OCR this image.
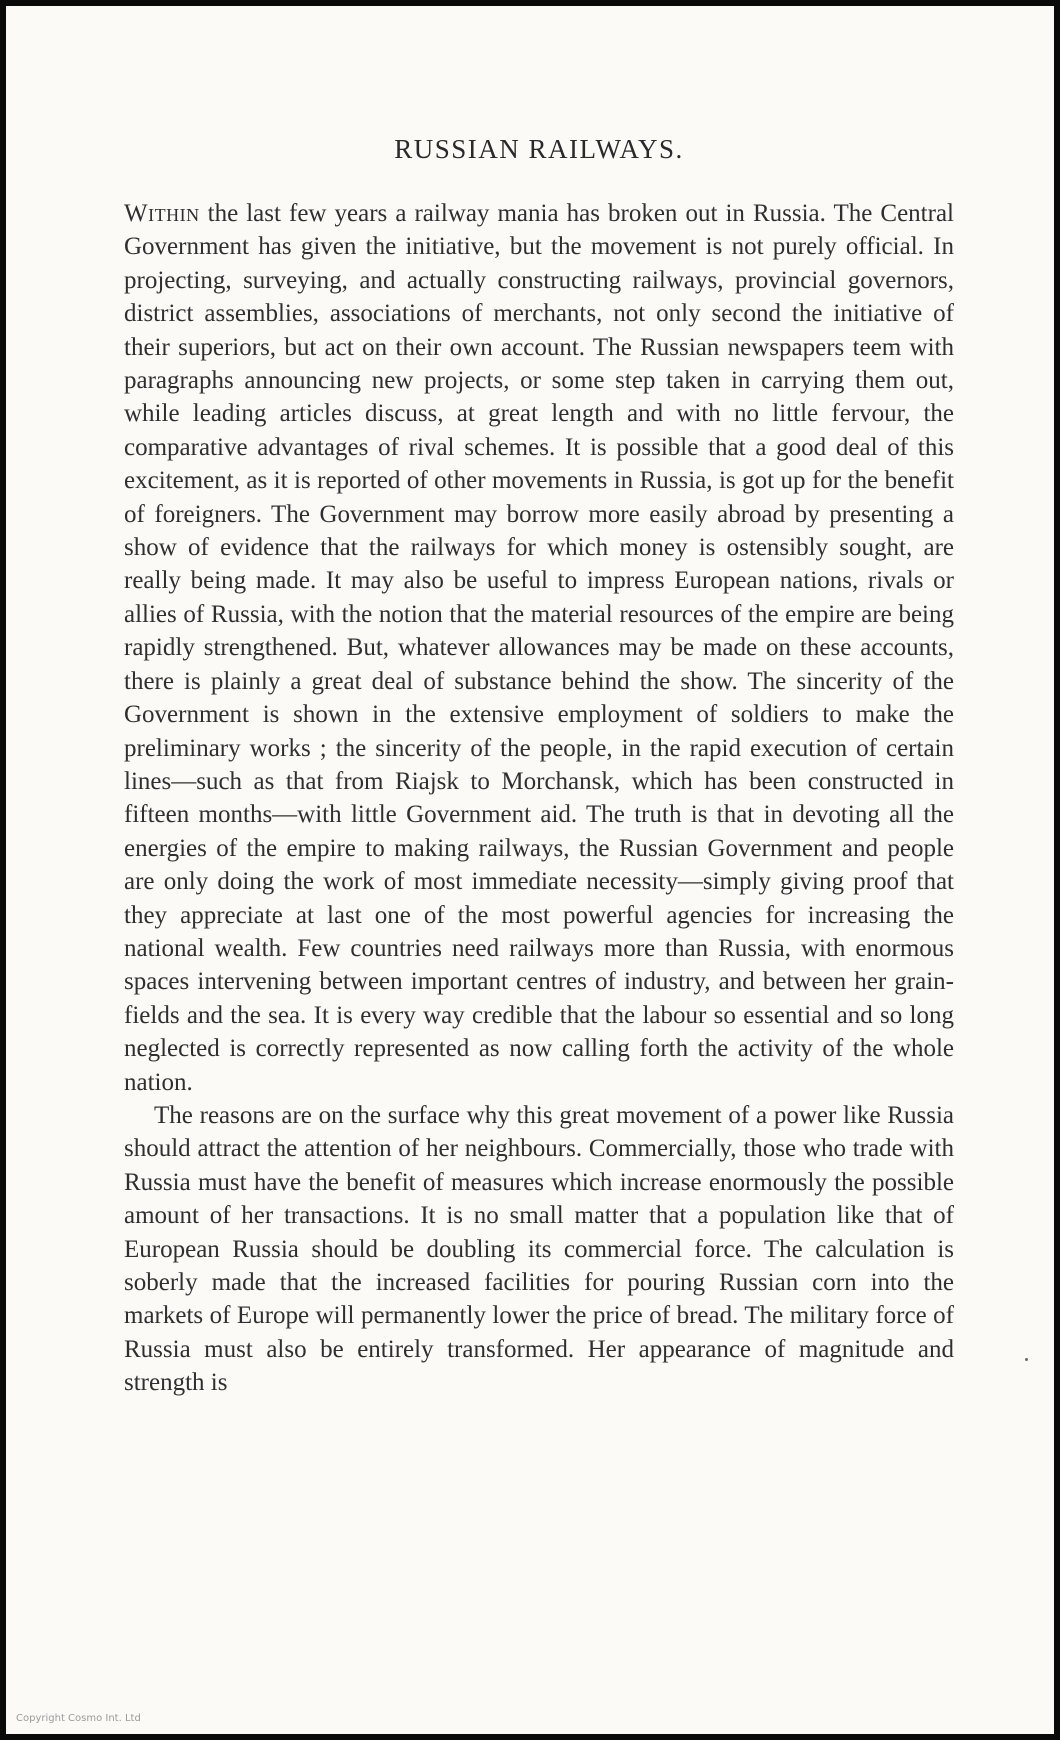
RUSSIAN RAILWAYS.

Within the last few years a railway mania has broken out in Russia. The Central Government has given the initiative, but the movement is not purely official. In projecting, surveying, and actually constructing railways, provincial governors, district assemblies, associations of merchants, not only second the initiative of their superiors, but act on their own account. The Russian newspapers teem with paragraphs announcing new projects, or some step taken in carrying them out, while leading articles discuss, at great length and with no little fervour, the comparative advantages of rival schemes. It is possible that a good deal of this excitement, as it is reported of other movements in Russia, is got up for the benefit of foreigners. The Government may borrow more easily abroad by presenting a show of evidence that the railways for which money is ostensibly sought, are really being made. It may also be useful to impress European nations, rivals or allies of Russia, with the notion that the material resources of the empire are being rapidly strengthened. But, whatever allowances may be made on these accounts, there is plainly a great deal of substance behind the show. The sincerity of the Government is shown in the extensive employment of soldiers to make the preliminary works ; the sincerity of the people, in the rapid execution of certain lines—such as that from Riajsk to Morchansk, which has been constructed in fifteen months—with little Government aid. The truth is that in devoting all the energies of the empire to making railways, the Russian Government and people are only doing the work of most immediate necessity—simply giving proof that they appreciate at last one of the most powerful agencies for increasing the national wealth. Few countries need railways more than Russia, with enormous spaces intervening between important centres of industry, and between her grain-fields and the sea. It is every way credible that the labour so essential and so long neglected is correctly represented as now calling forth the activity of the whole nation.

The reasons are on the surface why this great movement of a power like Russia should attract the attention of her neighbours. Commercially, those who trade with Russia must have the benefit of measures which increase enormously the possible amount of her transactions. It is no small matter that a population like that of European Russia should be doubling its commercial force. The calculation is soberly made that the increased facilities for pouring Russian corn into the markets of Europe will permanently lower the price of bread. The military force of Russia must also be entirely transformed. Her appearance of magnitude and strength is

Copyright Cosmo Int. Ltd
